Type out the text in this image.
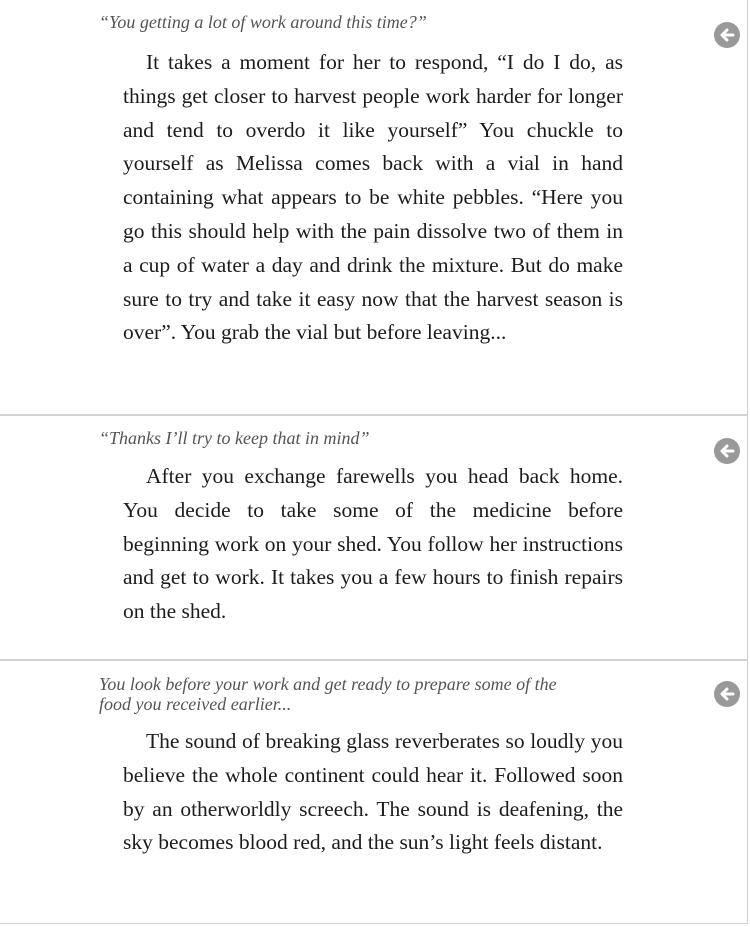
“You getting a lot of work around this time?”

It takes a moment for her to respond, “I do I do, as things get closer to harvest people work harder for longer and tend to overdo it like yourself” You chuckle to yourself as Melissa comes back with a vial in hand containing what appears to be white pebbles. “Here you go this should help with the pain dissolve two of them in a cup of water a day and drink the mixture. But do make sure to try and take it easy now that the harvest season is over”. You grab the vial but before leaving...

“Thanks I’ll try to keep that in mind”

After you exchange farewells you head back home. You decide to take some of the medicine before beginning work on your shed. You follow her instructions and get to work. It takes you a few hours to finish repairs on the shed.

You look before your work and get ready to prepare some of the food you received earlier...

The sound of breaking glass reverberates so loudly you believe the whole continent could hear it. Followed soon by an otherworldly screech. The sound is deafening, the sky becomes blood red, and the sun’s light feels distant.
